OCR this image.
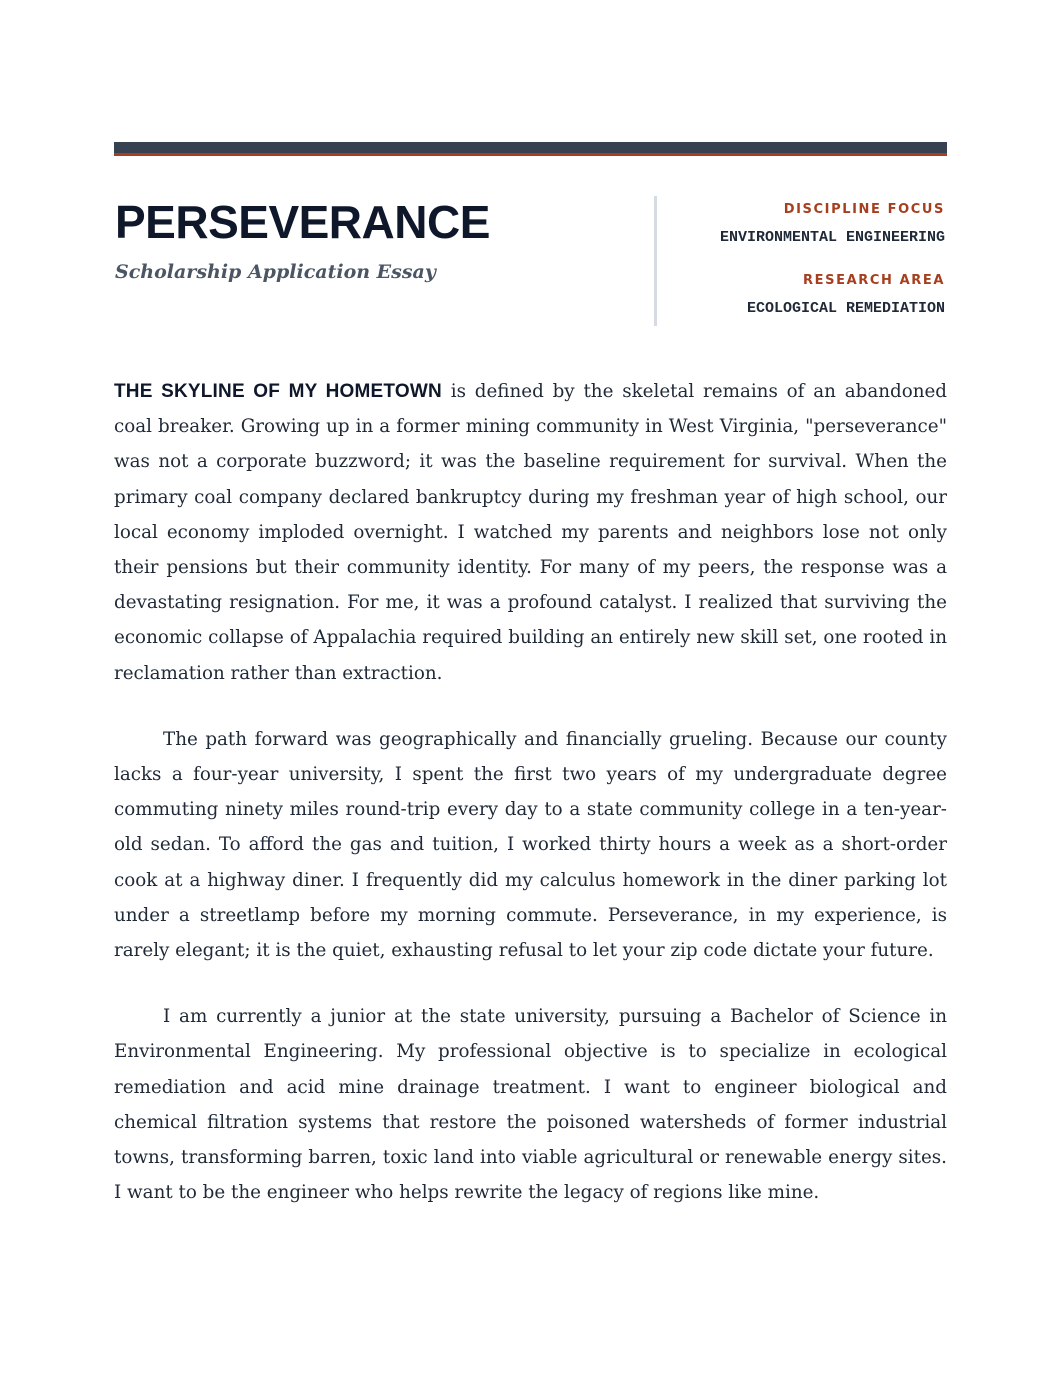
PERSEVERANCE
Scholarship Application Essay
DISCIPLINE FOCUS
ENVIRONMENTAL ENGINEERING
RESEARCH AREA
ECOLOGICAL REMEDIATION

THE SKYLINE OF MY HOMETOWN is defined by the skeletal remains of an abandoned coal breaker. Growing up in a former mining community in West Virginia, "perseverance" was not a corporate buzzword; it was the baseline requirement for survival. When the primary coal company declared bankruptcy during my freshman year of high school, our local economy imploded overnight. I watched my parents and neighbors lose not only their pensions but their community identity. For many of my peers, the response was a devastating resignation. For me, it was a profound catalyst. I realized that surviving the economic collapse of Appalachia required building an entirely new skill set, one rooted in reclamation rather than extraction.

The path forward was geographically and financially grueling. Because our county lacks a four-year university, I spent the first two years of my undergraduate degree commuting ninety miles round-trip every day to a state community college in a ten-year-old sedan. To afford the gas and tuition, I worked thirty hours a week as a short-order cook at a highway diner. I frequently did my calculus homework in the diner parking lot under a streetlamp before my morning commute. Perseverance, in my experience, is rarely elegant; it is the quiet, exhausting refusal to let your zip code dictate your future.

I am currently a junior at the state university, pursuing a Bachelor of Science in Environmental Engineering. My professional objective is to specialize in ecological remediation and acid mine drainage treatment. I want to engineer biological and chemical filtration systems that restore the poisoned watersheds of former industrial towns, transforming barren, toxic land into viable agricultural or renewable energy sites. I want to be the engineer who helps rewrite the legacy of regions like mine.
